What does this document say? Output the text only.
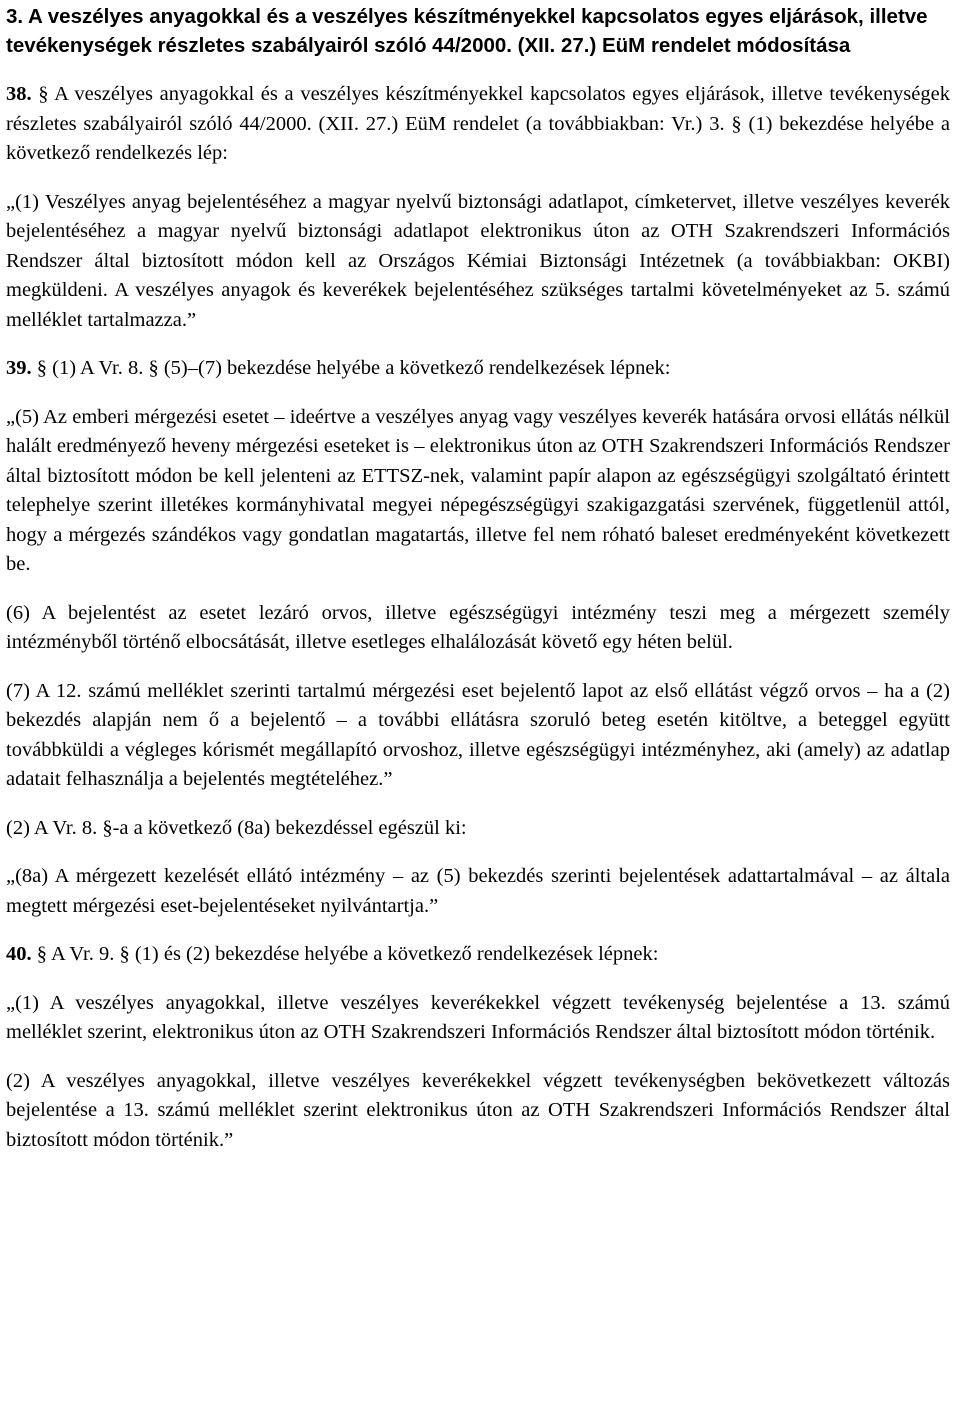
3. A veszélyes anyagokkal és a veszélyes készítményekkel kapcsolatos egyes eljárások, illetve tevékenységek részletes szabályairól szóló 44/2000. (XII. 27.) EüM rendelet módosítása
38. § A veszélyes anyagokkal és a veszélyes készítményekkel kapcsolatos egyes eljárások, illetve tevékenységek részletes szabályairól szóló 44/2000. (XII. 27.) EüM rendelet (a továbbiakban: Vr.) 3. § (1) bekezdése helyébe a következő rendelkezés lép:
„(1) Veszélyes anyag bejelentéséhez a magyar nyelvű biztonsági adatlapot, címketervet, illetve veszélyes keverék bejelentéséhez a magyar nyelvű biztonsági adatlapot elektronikus úton az OTH Szakrendszeri Információs Rendszer által biztosított módon kell az Országos Kémiai Biztonsági Intézetnek (a továbbiakban: OKBI) megküldeni. A veszélyes anyagok és keverékek bejelentéséhez szükséges tartalmi követelményeket az 5. számú melléklet tartalmazza.”
39. § (1) A Vr. 8. § (5)–(7) bekezdése helyébe a következő rendelkezések lépnek:
„(5) Az emberi mérgezési esetet – ideértve a veszélyes anyag vagy veszélyes keverék hatására orvosi ellátás nélkül halált eredményező heveny mérgezési eseteket is – elektronikus úton az OTH Szakrendszeri Információs Rendszer által biztosított módon be kell jelenteni az ETTSZ-nek, valamint papír alapon az egészségügyi szolgáltató érintett telephelye szerint illetékes kormányhivatal megyei népegészségügyi szakigazgatási szervének, függetlenül attól, hogy a mérgezés szándékos vagy gondatlan magatartás, illetve fel nem róható baleset eredményeként következett be.
(6) A bejelentést az esetet lezáró orvos, illetve egészségügyi intézmény teszi meg a mérgezett személy intézményből történő elbocsátását, illetve esetleges elhalálozását követő egy héten belül.
(7) A 12. számú melléklet szerinti tartalmú mérgezési eset bejelentő lapot az első ellátást végző orvos – ha a (2) bekezdés alapján nem ő a bejelentő – a további ellátásra szoruló beteg esetén kitöltve, a beteggel együtt továbbküldi a végleges kórismét megállapító orvoshoz, illetve egészségügyi intézményhez, aki (amely) az adatlap adatait felhasználja a bejelentés megtételéhez.”
(2) A Vr. 8. §-a a következő (8a) bekezdéssel egészül ki:
„(8a) A mérgezett kezelését ellátó intézmény – az (5) bekezdés szerinti bejelentések adattartalmával – az általa megtett mérgezési eset-bejelentéseket nyilvántartja.”
40. § A Vr. 9. § (1) és (2) bekezdése helyébe a következő rendelkezések lépnek:
„(1) A veszélyes anyagokkal, illetve veszélyes keverékekkel végzett tevékenység bejelentése a 13. számú melléklet szerint, elektronikus úton az OTH Szakrendszeri Információs Rendszer által biztosított módon történik.
(2) A veszélyes anyagokkal, illetve veszélyes keverékekkel végzett tevékenységben bekövetkezett változás bejelentése a 13. számú melléklet szerint elektronikus úton az OTH Szakrendszeri Információs Rendszer által biztosított módon történik.”
